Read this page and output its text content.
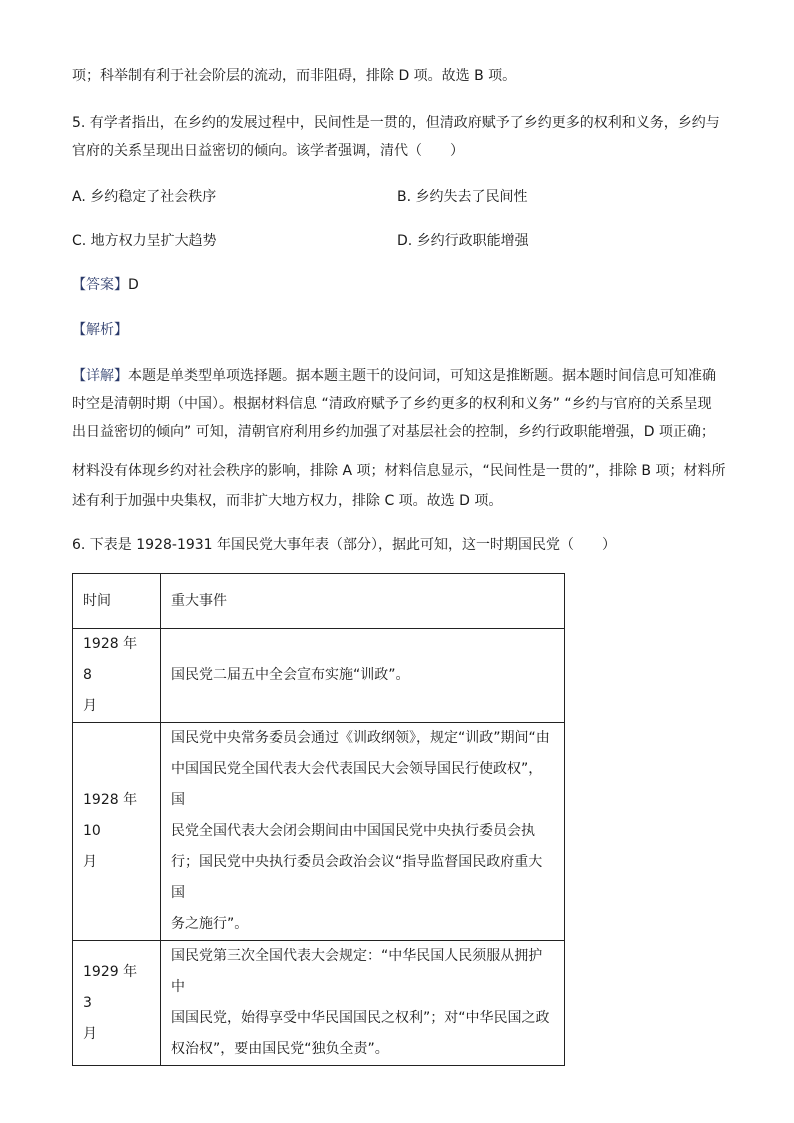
项；科举制有利于社会阶层的流动，而非阻碍，排除 D 项。故选 B 项。

5. 有学者指出，在乡约的发展过程中，民间性是一贯的，但清政府赋予了乡约更多的权利和义务，乡约与

官府的关系呈现出日益密切的倾向。该学者强调，清代（　　）

A. 乡约稳定了社会秩序	B. 乡约失去了民间性
C. 地方权力呈扩大趋势	D. 乡约行政职能增强

【答案】D

【解析】

【详解】本题是单类型单项选择题。据本题主题干的设问词，可知这是推断题。据本题时间信息可知准确

时空是清朝时期（中国）。根据材料信息 “清政府赋予了乡约更多的权利和义务” “乡约与官府的关系呈现

出日益密切的倾向” 可知，清朝官府利用乡约加强了对基层社会的控制，乡约行政职能增强，D 项正确；

材料没有体现乡约对社会秩序的影响，排除 A 项；材料信息显示，“民间性是一贯的”，排除 B 项；材料所

述有利于加强中央集权，而非扩大地方权力，排除 C 项。故选 D 项。

6. 下表是 1928-1931 年国民党大事年表（部分），据此可知，这一时期国民党（　　）

时间	重大事件

1928 年 8
月	国民党二届五中全会宣布实施“训政”。

1928 年 10
月	国民党中央常务委员会通过《训政纲领》，规定“训政”期间“由
中国国民党全国代表大会代表国民大会领导国民行使政权”，国
民党全国代表大会闭会期间由中国国民党中央执行委员会执
行；国民党中央执行委员会政治会议“指导监督国民政府重大国
务之施行”。

1929 年 3
月	国民党第三次全国代表大会规定：“中华民国人民须服从拥护中
国国民党，始得享受中华民国国民之权利”；对“中华民国之政
权治权”，要由国民党“独负全责”。
